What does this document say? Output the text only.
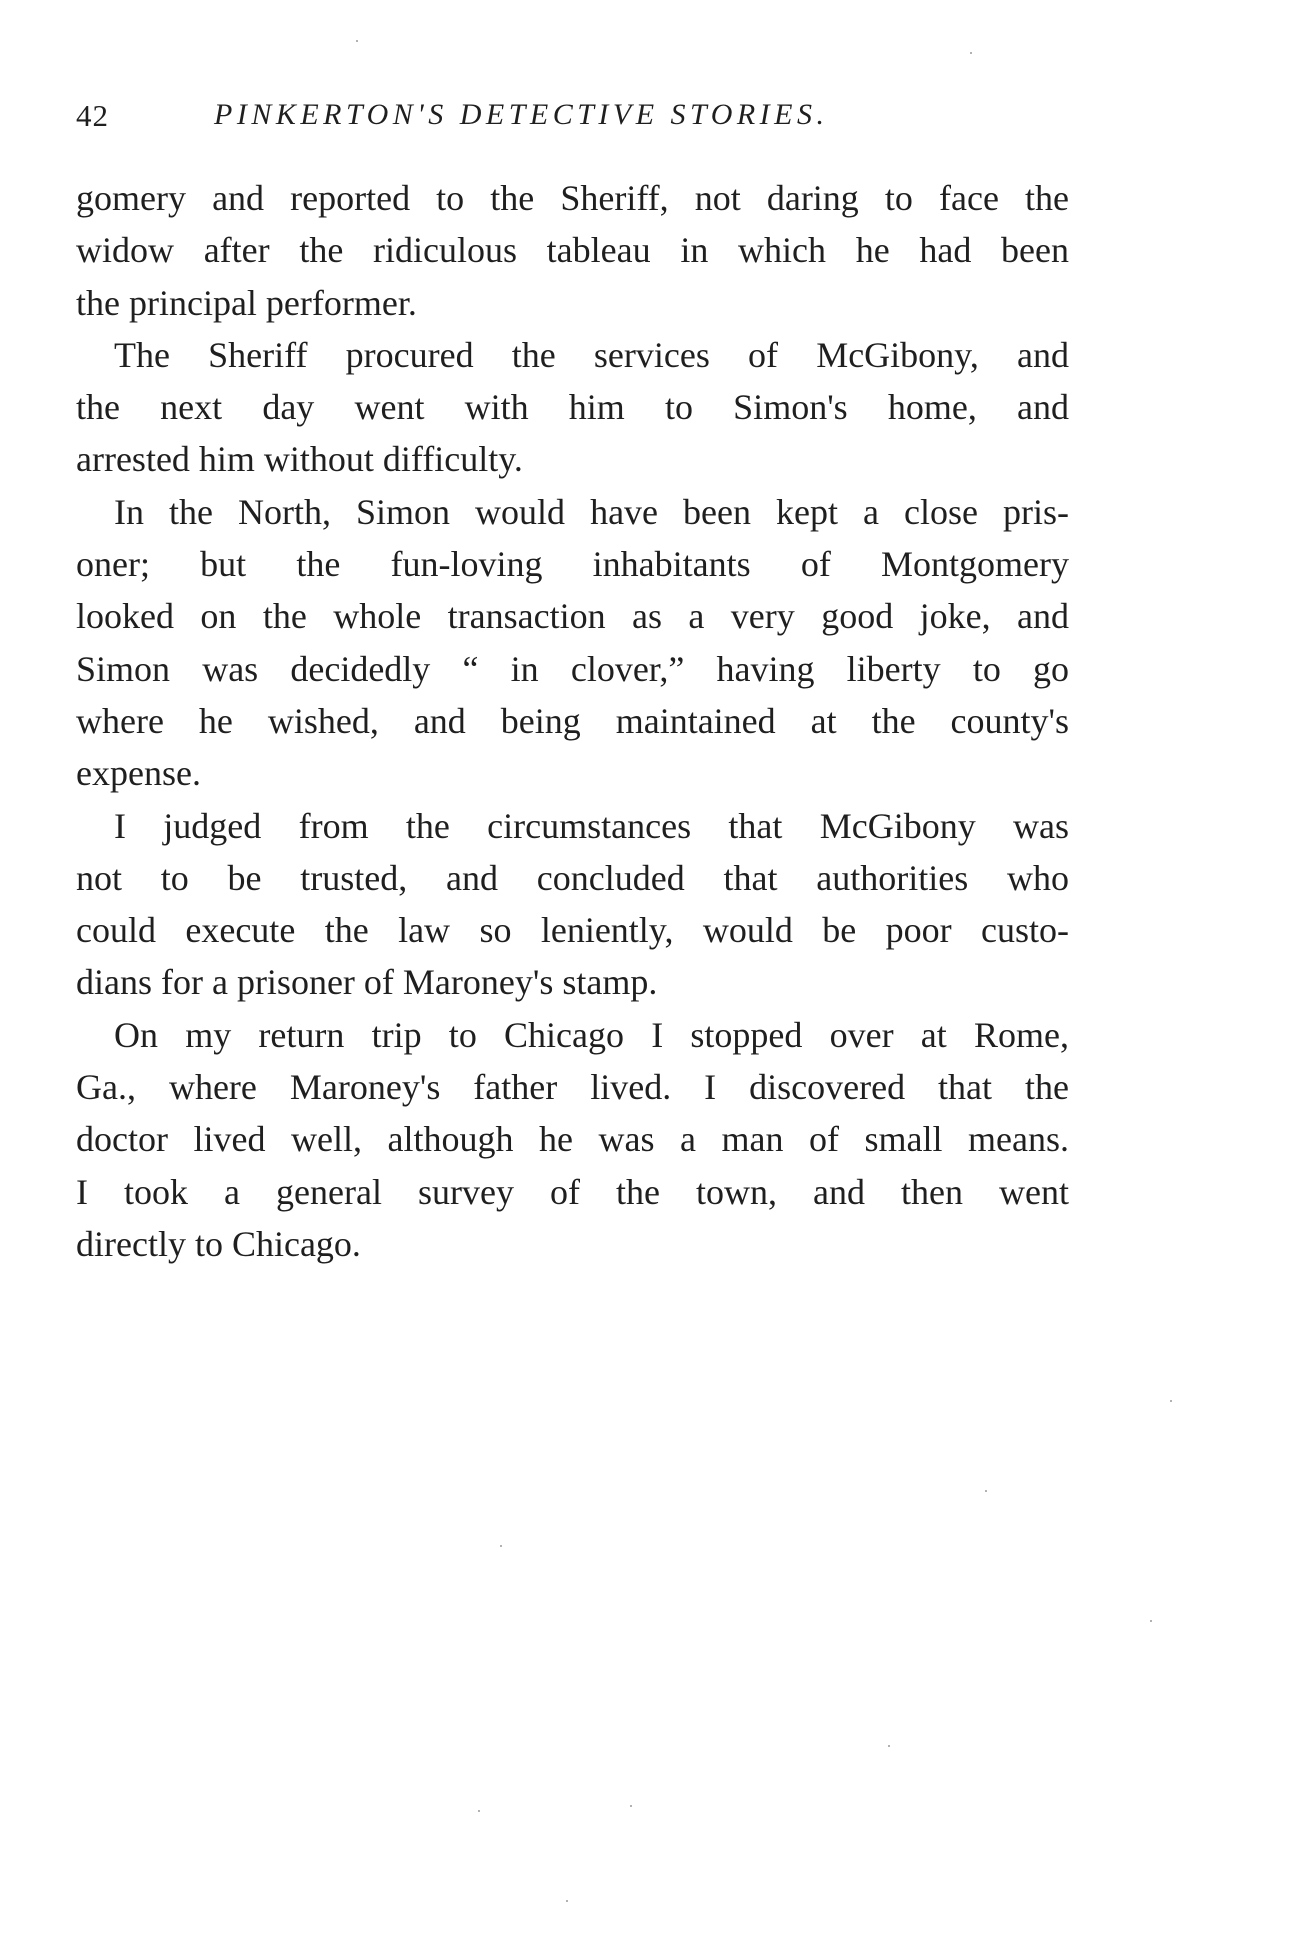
42	PINKERTON'S DETECTIVE STORIES.
gomery and reported to the Sheriff, not daring to face the
widow after the ridiculous tableau in which he had been
the principal performer.
The Sheriff procured the services of McGibony, and
the next day went with him to Simon's home, and
arrested him without difficulty.
In the North, Simon would have been kept a close pris-
oner; but the fun-loving inhabitants of Montgomery
looked on the whole transaction as a very good joke, and
Simon was decidedly “ in clover,” having liberty to go
where he wished, and being maintained at the county's
expense.
I judged from the circumstances that McGibony was
not to be trusted, and concluded that authorities who
could execute the law so leniently, would be poor custo-
dians for a prisoner of Maroney's stamp.
On my return trip to Chicago I stopped over at Rome,
Ga., where Maroney's father lived. I discovered that the
doctor lived well, although he was a man of small means.
I took a general survey of the town, and then went
directly to Chicago.
